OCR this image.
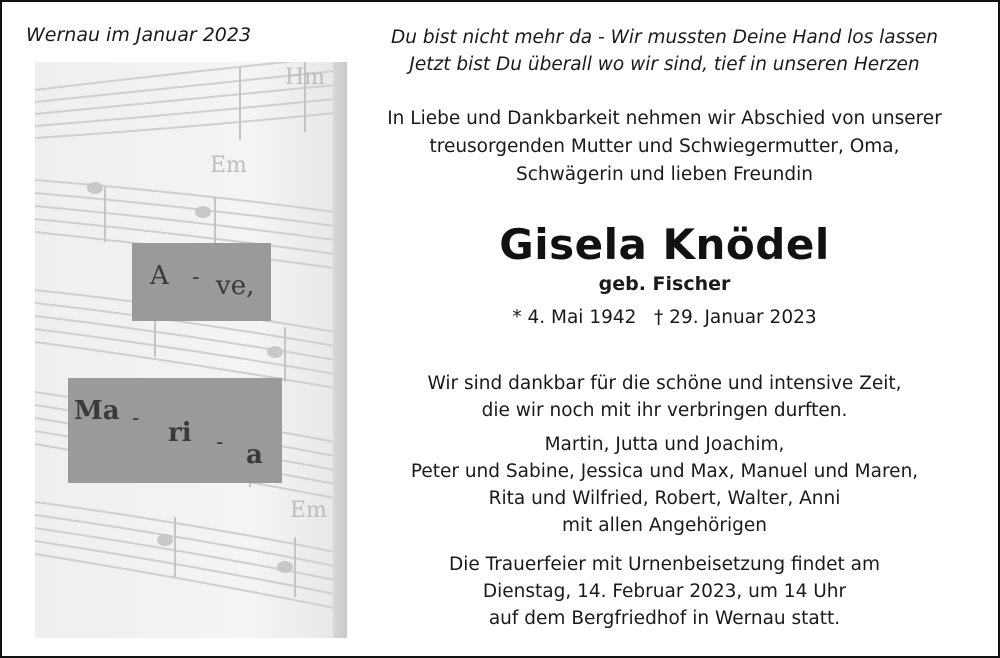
Wernau im Januar 2023	Du bist nicht mehr da - Wir mussten Deine Hand los lassen
Jetzt bist Du überall wo wir sind, tief in unseren Herzen
Hm
Em
Em
A - ve,
Ma - ri - a
In Liebe und Dankbarkeit nehmen wir Abschied von unserer
treusorgenden Mutter und Schwiegermutter, Oma,
Schwägerin und lieben Freundin
Gisela Knödel
geb. Fischer
* 4. Mai 1942   † 29. Januar 2023
Wir sind dankbar für die schöne und intensive Zeit,
die wir noch mit ihr verbringen durften.
Martin, Jutta und Joachim,
Peter und Sabine, Jessica und Max, Manuel und Maren,
Rita und Wilfried, Robert, Walter, Anni
mit allen Angehörigen
Die Trauerfeier mit Urnenbeisetzung findet am
Dienstag, 14. Februar 2023, um 14 Uhr
auf dem Bergfriedhof in Wernau statt.
